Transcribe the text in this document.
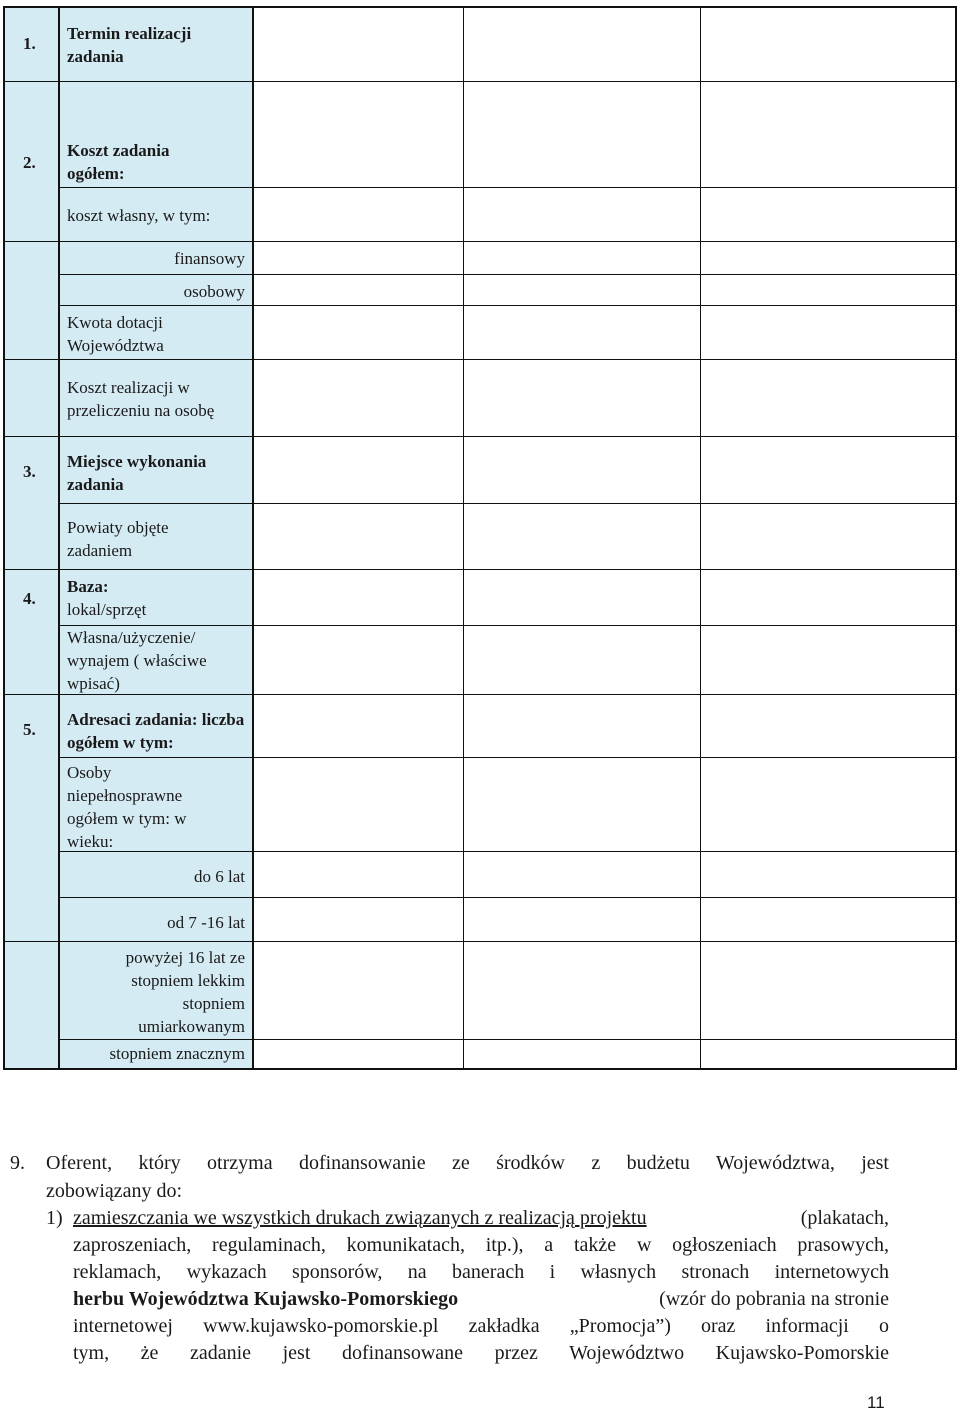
1.
2.
3.
4.
5.
Termin realizacji zadania
Koszt zadania ogółem:
koszt własny, w tym:
finansowy
osobowy
Kwota dotacji Województwa
Koszt realizacji w przeliczeniu na osobę
Miejsce wykonania zadania
Powiaty objęte zadaniem
Baza:
lokal/sprzęt
Własna/użyczenie/ wynajem ( właściwe wpisać)
Adresaci zadania: liczba ogółem w tym:
Osoby niepełnosprawne ogółem w tym: w wieku:
do 6 lat
od 7 -16 lat
powyżej 16 lat ze
stopniem lekkim
stopniem
umiarkowanym
stopniem znacznym
9. Oferent, który otrzyma dofinansowanie ze środków z budżetu Województwa, jest
zobowiązany do:
1) zamieszczania we wszystkich drukach związanych z realizacją projektu	(plakatach,
zaproszeniach, regulaminach, komunikatach, itp.), a także w ogłoszeniach prasowych,
reklamach, wykazach sponsorów, na banerach i własnych stronach internetowych
herbu Województwa Kujawsko-Pomorskiego	(wzór do pobrania na stronie
internetowej www.kujawsko-pomorskie.pl zakładka „Promocja”) oraz informacji o
tym, że zadanie jest dofinansowane przez Województwo Kujawsko-Pomorskie
11
